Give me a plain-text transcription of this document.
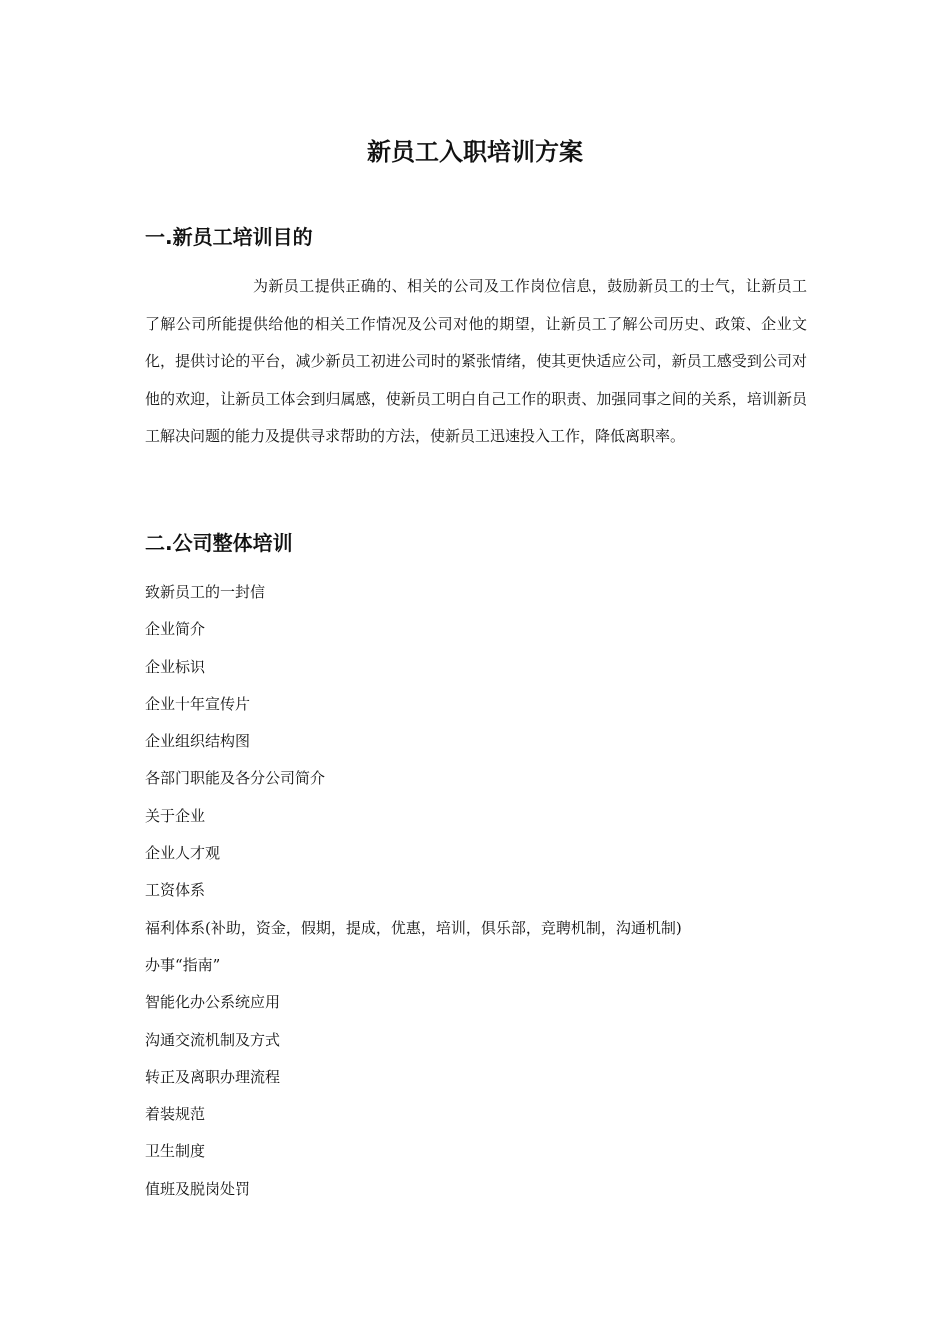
新员工入职培训方案
一.新员工培训目的

为新员工提供正确的、相关的公司及工作岗位信息，鼓励新员工的士气，让新员工了解公司所能提供给他的相关工作情况及公司对他的期望，让新员工了解公司历史、政策、企业文化，提供讨论的平台，减少新员工初进公司时的紧张情绪，使其更快适应公司，新员工感受到公司对他的欢迎，让新员工体会到归属感，使新员工明白自己工作的职责、加强同事之间的关系，培训新员工解决问题的能力及提供寻求帮助的方法，使新员工迅速投入工作，降低离职率。

二.公司整体培训
致新员工的一封信
企业简介
企业标识
企业十年宣传片
企业组织结构图
各部门职能及各分公司简介
关于企业
企业人才观
工资体系
福利体系(补助，资金，假期，提成，优惠，培训，俱乐部，竞聘机制，沟通机制)
办事“指南”
智能化办公系统应用
沟通交流机制及方式
转正及离职办理流程
着装规范
卫生制度
值班及脱岗处罚
